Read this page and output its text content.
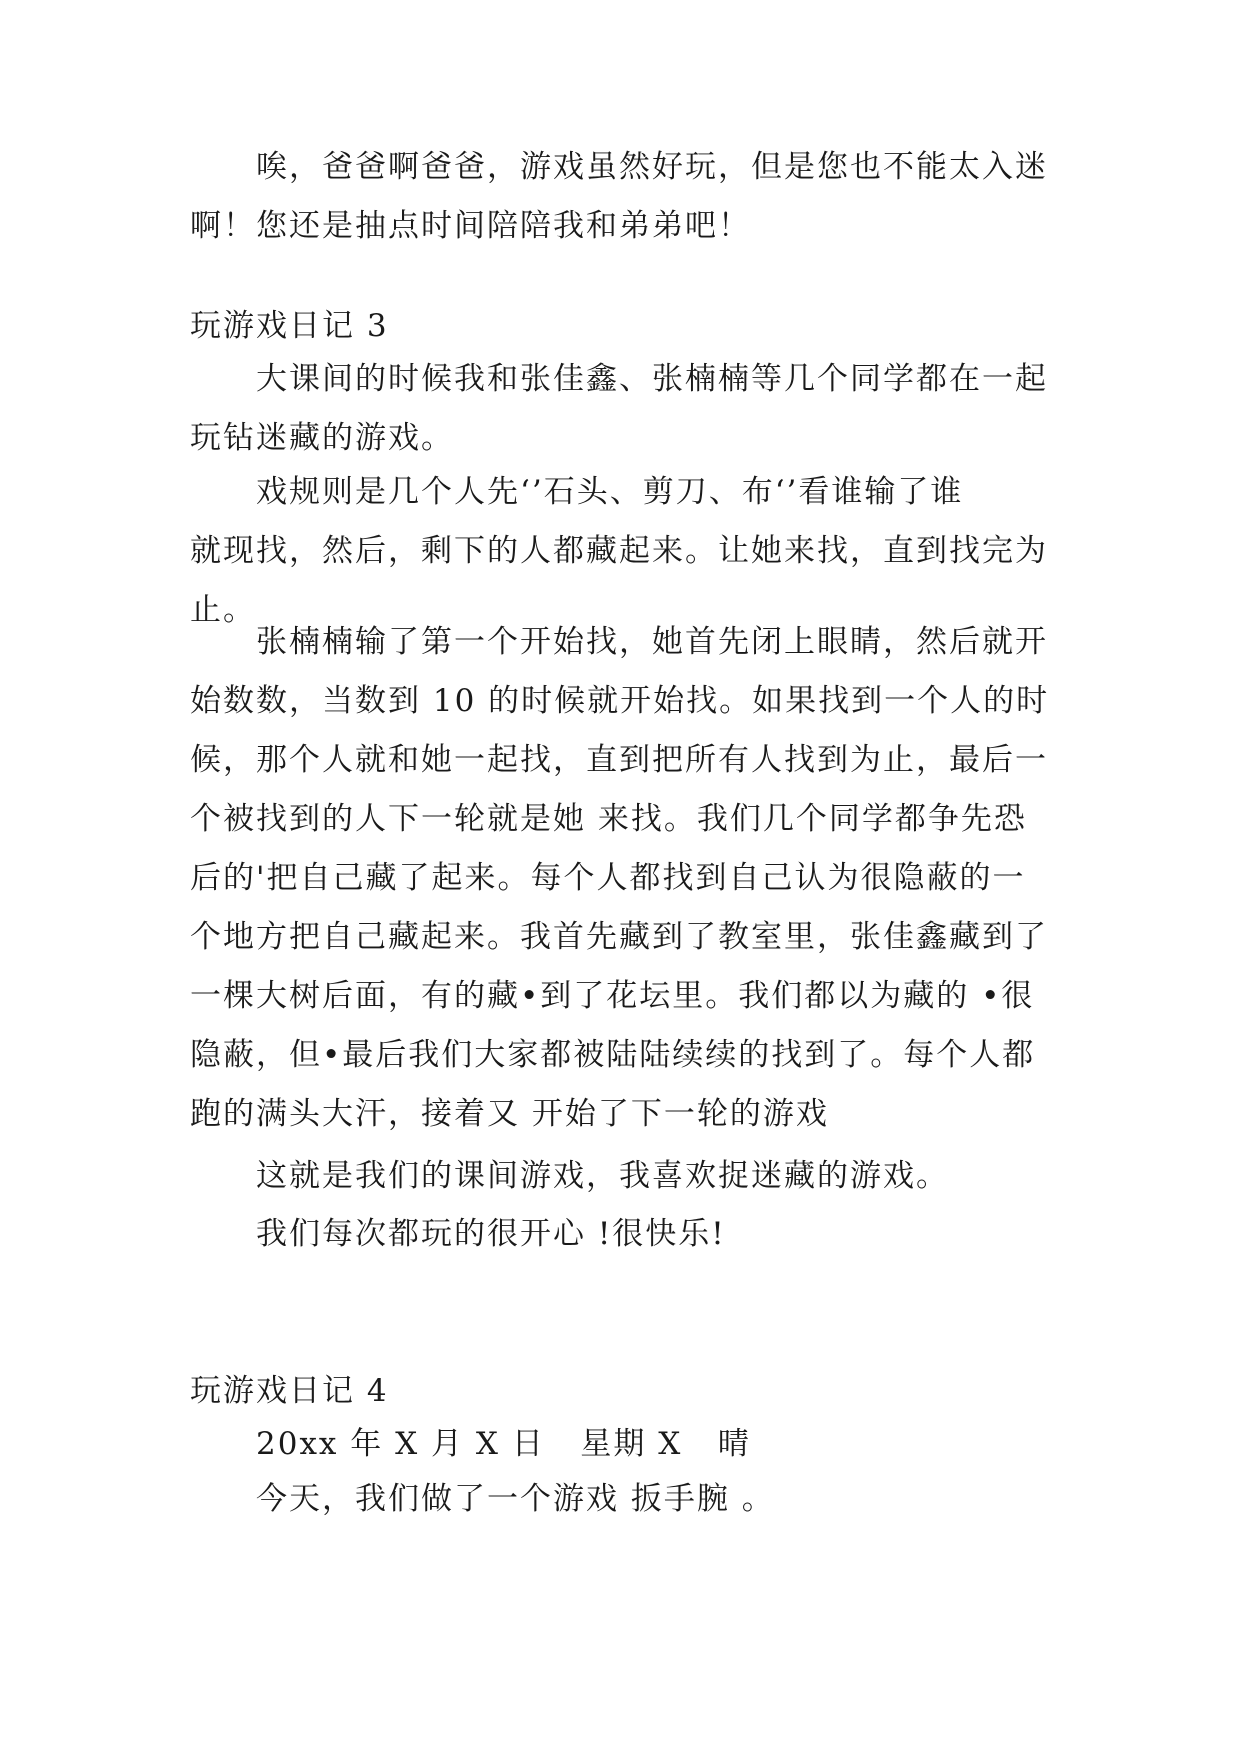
唉，爸爸啊爸爸，游戏虽然好玩，但是您也不能太入迷
啊！您还是抽点时间陪陪我和弟弟吧！
玩游戏日记 3
大课间的时候我和张佳鑫、张楠楠等几个同学都在一起
玩钻迷藏的游戏。
戏规则是几个人先‘’石头、剪刀、布‘’看谁输了谁
就现找，然后，剩下的人都藏起来。让她来找，直到找完为
止。
张楠楠输了第一个开始找，她首先闭上眼睛，然后就开
始数数，当数到 10 的时候就开始找。如果找到一个人的时
候，那个人就和她一起找，直到把所有人找到为止，最后一
个被找到的人下一轮就是她 来找。我们几个同学都争先恐
后的'把自己藏了起来。每个人都找到自己认为很隐蔽的一
个地方把自己藏起来。我首先藏到了教室里，张佳鑫藏到了
一棵大树后面，有的藏•到了花坛里。我们都以为藏的 •很
隐蔽，但•最后我们大家都被陆陆续续的找到了。每个人都
跑的满头大汗，接着又 开始了下一轮的游戏
这就是我们的课间游戏，我喜欢捉迷藏的游戏。
我们每次都玩的很开心 !很快乐!
玩游戏日记 4
20xx 年 X 月 X 日   星期 X   晴
今天，我们做了一个游戏 扳手腕 。
